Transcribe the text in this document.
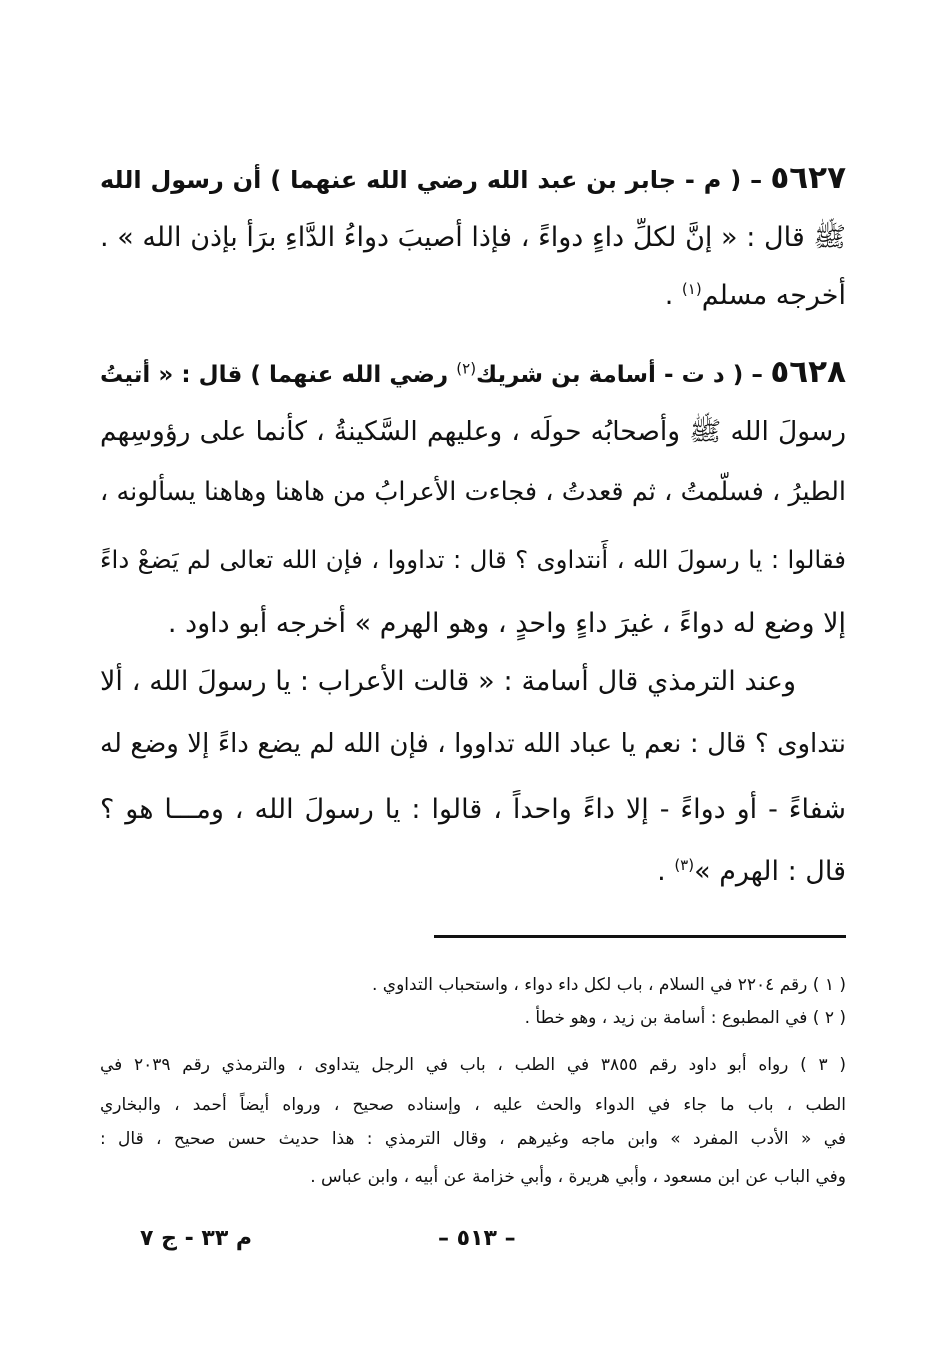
٥٦٢٧ – ( م - جابر بن عبد الله رضي الله عنهما ) أن رسول الله
ﷺ قال : « إنَّ لكلِّ داءٍ دواءً ، فإذا أُصيبَ دواءُ الدَّاءِ برَأَ بإذن الله » .
أخرجه مسلم$^{(١)}$ .
٥٦٢٨ – ( د ت - أسامة بن شريك$^{(٢)}$ رضي الله عنهما ) قال : « أتيتُ
رسولَ الله ﷺ وأصحابُه حولَه ، وعليهم السَّكينةُ ، كأنما على رؤوسِهم
الطيرُ ، فسلَّمتُ ، ثم قعدتُ ، فجاءت الأعرابُ من هاهنا وهاهنا يسألونه ،
فقالوا : يا رسولَ الله ، أَنتداوى ؟ قال : تداووا ، فإن الله تعالى لم يَضعْ داءً
إلا وضع له دواءً ، غيرَ داءٍ واحدٍ ، وهو الهرم » أخرجه أبو داود .
وعند الترمذي قال أُسامة : « قالت الأعراب : يا رسولَ الله ، ألا
نتداوى ؟ قال : نعم يا عباد الله تداووا ، فإن الله لم يضع داءً إلا وضع له
شفاءً - أو دواءً - إلا داءً واحداً ، قالوا : يا رسولَ الله ، ومـــا هو ؟
قال : الهرم »$^{(٣)}$ .
( ١ ) رقم ٢٢٠٤ في السلام ، باب لكل داء دواء ، واستحباب التداوي .
( ٢ ) في المطبوع : أسامة بن زيد ، وهو خطأ .
( ٣ ) رواه أبو داود رقم ٣٨٥٥ في الطب ، باب في الرجل يتداوى ، والترمذي رقم ٢٠٣٩ في
الطب ، باب ما جاء في الدواء والحث عليه ، وإسناده صحيح ، ورواه أيضاً أحمد ، والبخاري
في « الأدب المفرد » وابن ماجه وغيرهم ، وقال الترمذي : هذا حديث حسن صحيح ، قال :
وفي الباب عن ابن مسعود ، وأبي هريرة ، وأبي خزامة عن أبيه ، وابن عباس .
– ٥١٣ –
م ٣٣ - ج ٧
